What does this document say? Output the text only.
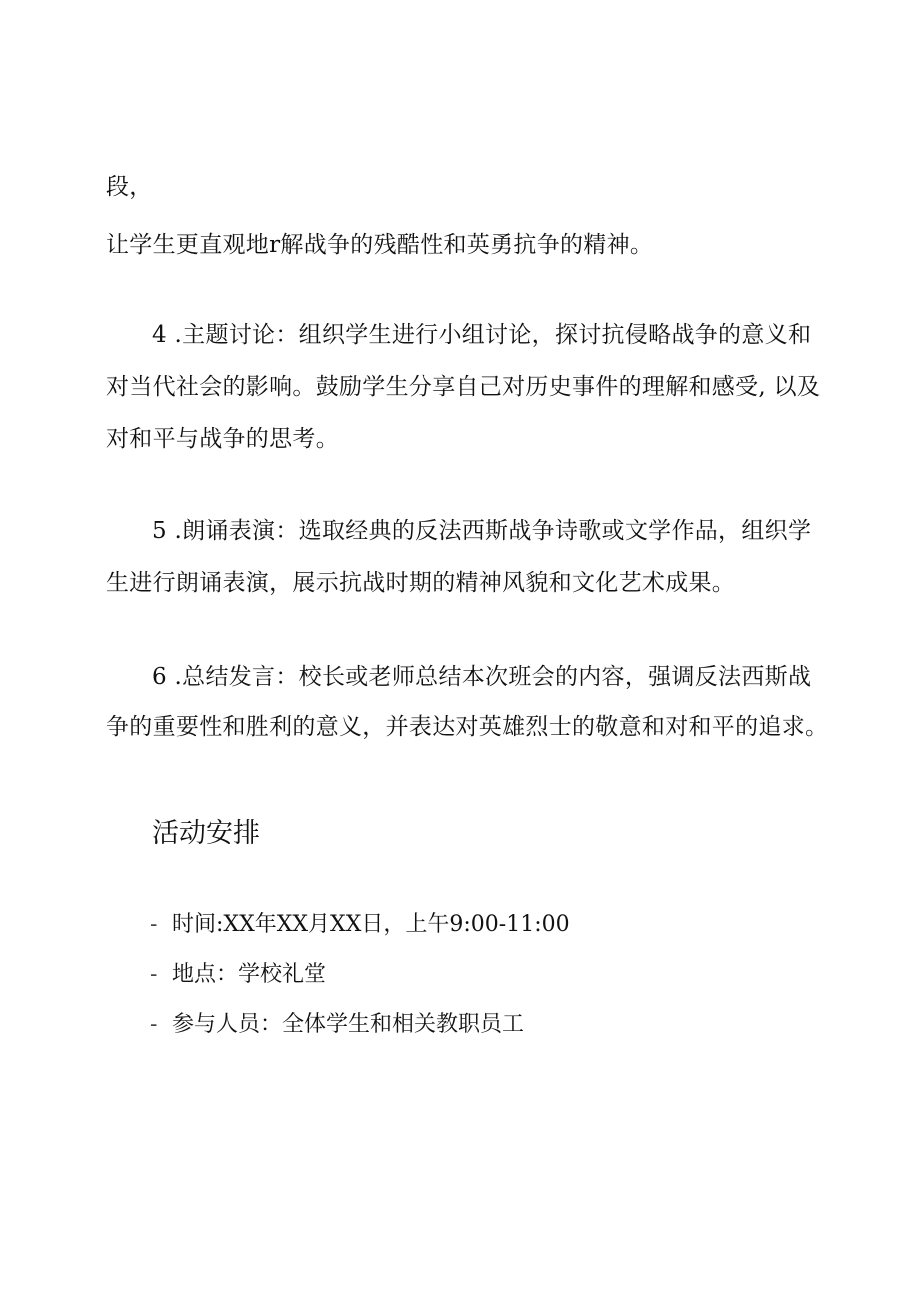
段，
让学生更直观地r解战争的残酷性和英勇抗争的精神。
4 .主题讨论：组织学生进行小组讨论，探讨抗侵略战争的意义和
对当代社会的影响。鼓励学生分享自己对历史事件的理解和感受, 以及
对和平与战争的思考。
5 .朗诵表演：选取经典的反法西斯战争诗歌或文学作品，组织学
生进行朗诵表演，展示抗战时期的精神风貌和文化艺术成果。
6 .总结发言：校长或老师总结本次班会的内容，强调反法西斯战
争的重要性和胜利的意义，并表达对英雄烈士的敬意和对和平的追求。
活动安排
- 时间:XX年XX月XX日，上午9:00-11:00
- 地点：学校礼堂
- 参与人员：全体学生和相关教职员工
